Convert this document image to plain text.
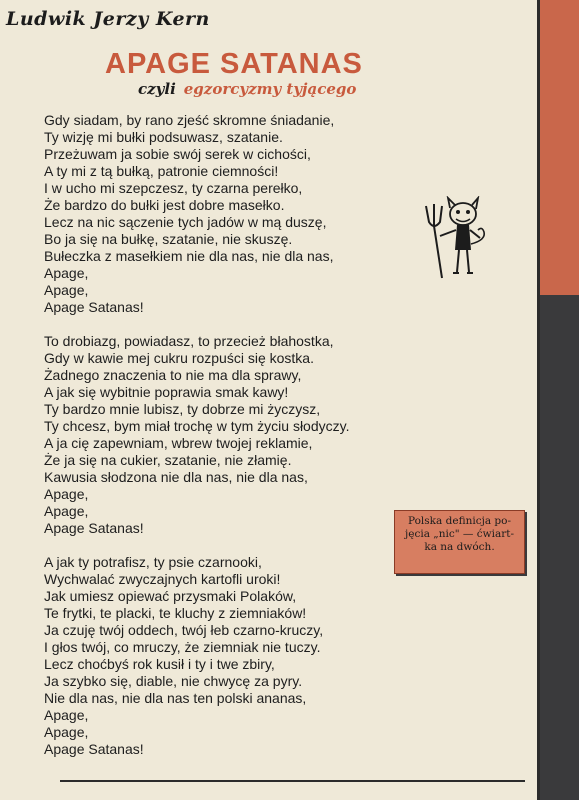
Ludwik Jerzy Kern
APAGE SATANAS
czyli egzorcyzmy tyjącego
Gdy siadam, by rano zjeść skromne śniadanie,
Ty wizję mi bułki podsuwasz, szatanie.
Przeżuwam ja sobie swój serek w cichości,
A ty mi z tą bułką, patronie ciemności!
I w ucho mi szepczesz, ty czarna perełko,
Że bardzo do bułki jest dobre masełko.
Lecz na nic sączenie tych jadów w mą duszę,
Bo ja się na bułkę, szatanie, nie skuszę.
Bułeczka z masełkiem nie dla nas, nie dla nas,
Apage,
Apage,
Apage Satanas!
To drobiazg, powiadasz, to przecież błahostka,
Gdy w kawie mej cukru rozpuści się kostka.
Żadnego znaczenia to nie ma dla sprawy,
A jak się wybitnie poprawia smak kawy!
Ty bardzo mnie lubisz, ty dobrze mi życzysz,
Ty chcesz, bym miał trochę w tym życiu słodyczy.
A ja cię zapewniam, wbrew twojej reklamie,
Że ja się na cukier, szatanie, nie złamię.
Kawusia słodzona nie dla nas, nie dla nas,
Apage,
Apage,
Apage Satanas!
A jak ty potrafisz, ty psie czarnooki,
Wychwalać zwyczajnych kartofli uroki!
Jak umiesz opiewać przysmaki Polaków,
Te frytki, te placki, te kluchy z ziemniaków!
Ja czuję twój oddech, twój łeb czarno-kruczy,
I głos twój, co mruczy, że ziemniak nie tuczy.
Lecz choćbyś rok kusił i ty i twe zbiry,
Ja szybko się, diable, nie chwycę za pyry.
Nie dla nas, nie dla nas ten polski ananas,
Apage,
Apage,
Apage Satanas!
Polska definicja po-
jęcia „nic" — ćwiart-
ka na dwóch.
